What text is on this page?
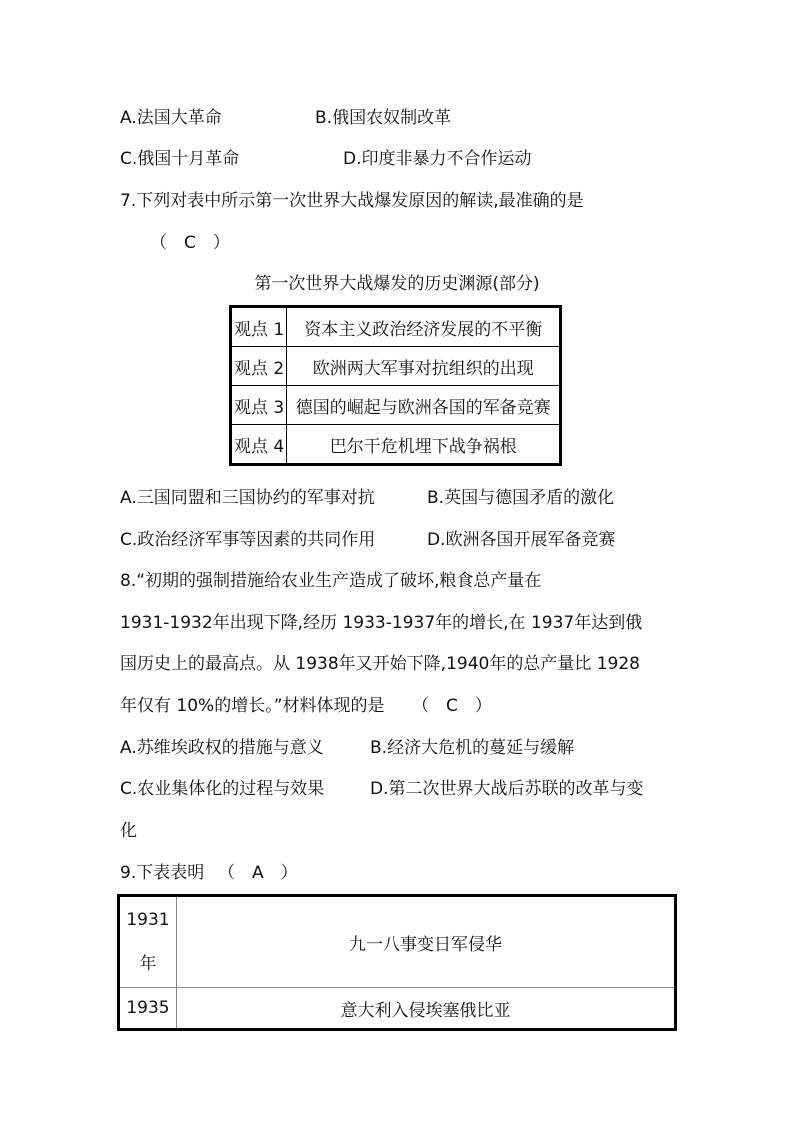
A.法国大革命	B.俄国农奴制改革
C.俄国十月革命	D.印度非暴力不合作运动
7.下列对表中所示第一次世界大战爆发原因的解读,最准确的是
（　C　）
第一次世界大战爆发的历史渊源(部分)
观点 1	资本主义政治经济发展的不平衡
观点 2	欧洲两大军事对抗组织的出现
观点 3	德国的崛起与欧洲各国的军备竞赛
观点 4	巴尔干危机埋下战争祸根
A.三国同盟和三国协约的军事对抗	B.英国与德国矛盾的激化
C.政治经济军事等因素的共同作用	D.欧洲各国开展军备竞赛
8.“初期的强制措施给农业生产造成了破坏,粮食总产量在
1931-1932年出现下降,经历 1933-1937年的增长,在 1937年达到俄
国历史上的最高点。从 1938年又开始下降,1940年的总产量比 1928
年仅有 10%的增长。”材料体现的是 （　C　）
A.苏维埃政权的措施与意义	B.经济大危机的蔓延与缓解
C.农业集体化的过程与效果	D.第二次世界大战后苏联的改革与变
化
9.下表表明 （　A　）
1931
年	九一八事变日军侵华
1935	意大利入侵埃塞俄比亚
